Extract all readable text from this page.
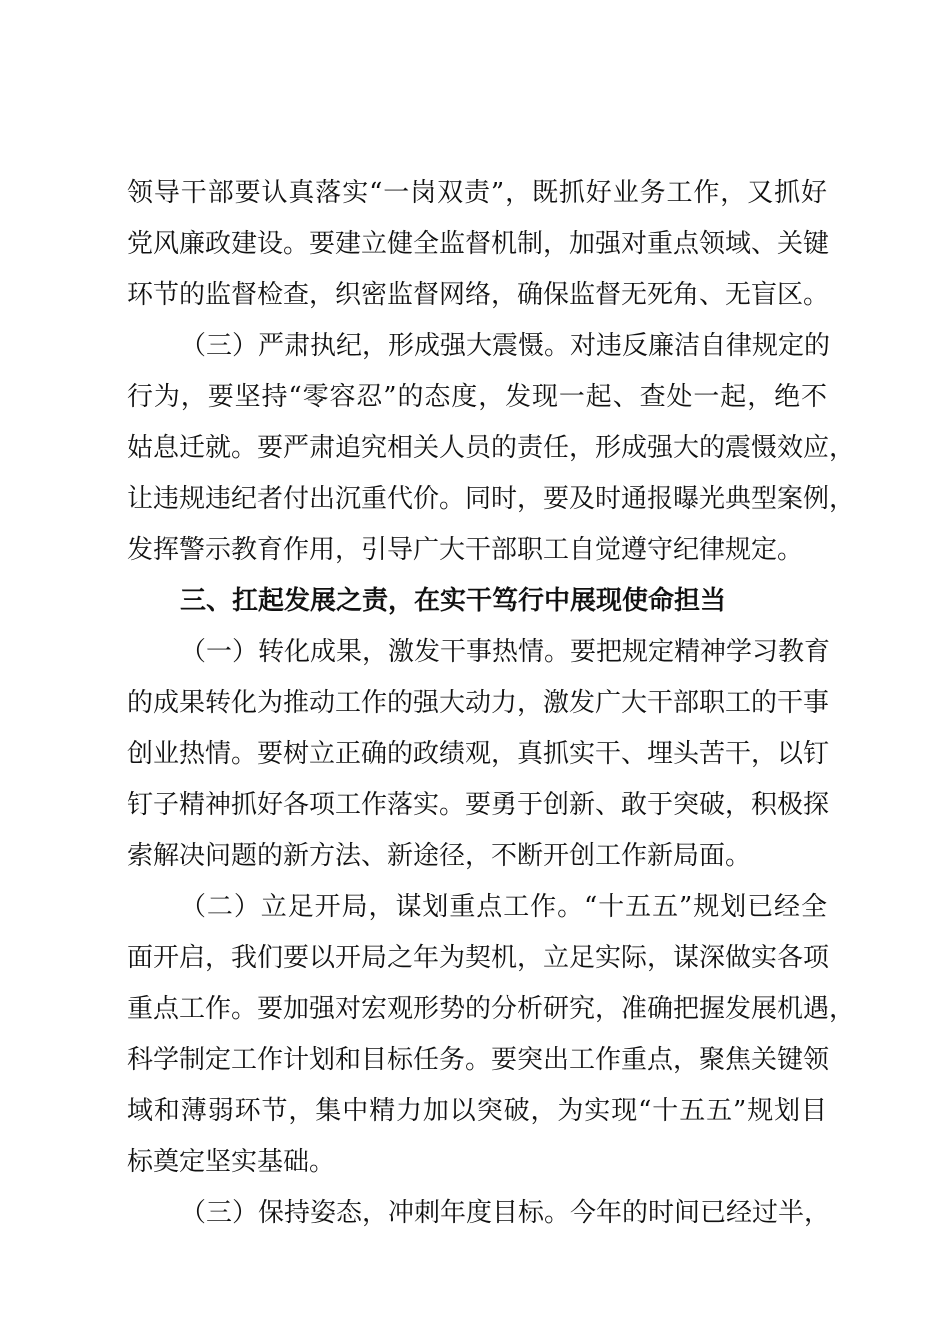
领导干部要认真落实“一岗双责”，既抓好业务工作，又抓好
党风廉政建设。要建立健全监督机制，加强对重点领域、关键
环节的监督检查，织密监督网络，确保监督无死角、无盲区。
（三）严肃执纪，形成强大震慑。对违反廉洁自律规定的
行为，要坚持“零容忍”的态度，发现一起、查处一起，绝不
姑息迁就。要严肃追究相关人员的责任，形成强大的震慑效应，
让违规违纪者付出沉重代价。同时，要及时通报曝光典型案例，
发挥警示教育作用，引导广大干部职工自觉遵守纪律规定。
三、扛起发展之责，在实干笃行中展现使命担当
（一）转化成果，激发干事热情。要把规定精神学习教育
的成果转化为推动工作的强大动力，激发广大干部职工的干事
创业热情。要树立正确的政绩观，真抓实干、埋头苦干，以钉
钉子精神抓好各项工作落实。要勇于创新、敢于突破，积极探
索解决问题的新方法、新途径，不断开创工作新局面。
（二）立足开局，谋划重点工作。“十五五”规划已经全
面开启，我们要以开局之年为契机，立足实际，谋深做实各项
重点工作。要加强对宏观形势的分析研究，准确把握发展机遇，
科学制定工作计划和目标任务。要突出工作重点，聚焦关键领
域和薄弱环节，集中精力加以突破，为实现“十五五”规划目
标奠定坚实基础。
（三）保持姿态，冲刺年度目标。今年的时间已经过半，
